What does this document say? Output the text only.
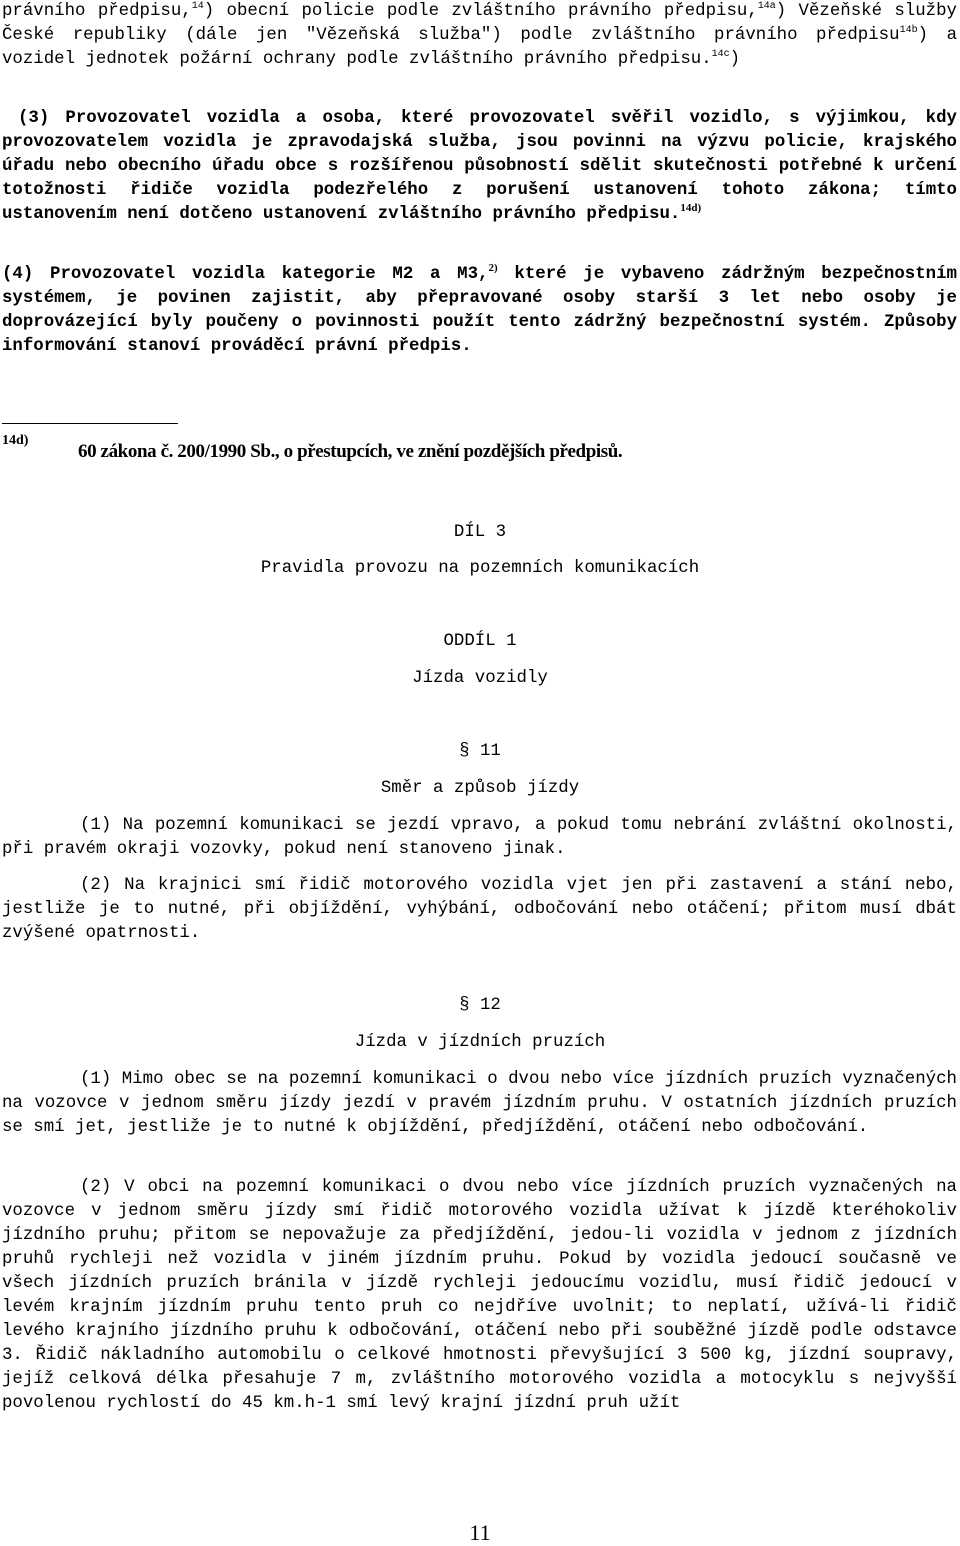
právního předpisu,$^{14}$) obecní policie podle zvláštního právního předpisu,$^{14a}$) Vězeňské služby České republiky (dále jen "Vězeňská služba") podle zvláštního právního předpisu$^{14b}$) a vozidel jednotek požární ochrany podle zvláštního právního předpisu.$^{14c}$)

(3) Provozovatel vozidla a osoba, které provozovatel svěřil vozidlo, s výjimkou, kdy provozovatelem vozidla je zpravodajská služba, jsou povinni na výzvu policie, krajského úřadu nebo obecního úřadu obce s rozšířenou působností sdělit skutečnosti potřebné k určení totožnosti řidiče vozidla podezřelého z porušení ustanovení tohoto zákona; tímto ustanovením není dotčeno ustanovení zvláštního právního předpisu.$^{14d)}$

(4) Provozovatel vozidla kategorie M2 a M3,$^{2)}$ které je vybaveno zádržným bezpečnostním systémem, je povinen zajistit, aby přepravované osoby starší 3 let nebo osoby je doprovázející byly poučeny o povinnosti použít tento zádržný bezpečnostní systém. Způsoby informování stanoví prováděcí právní předpis.

14d)
60 zákona č. 200/1990 Sb., o přestupcích, ve znění pozdějších předpisů.

DÍL 3

Pravidla provozu na pozemních komunikacích

ODDÍL 1

Jízda vozidly

§ 11

Směr a způsob jízdy

(1) Na pozemní komunikaci se jezdí vpravo, a pokud tomu nebrání zvláštní okolnosti, při pravém okraji vozovky, pokud není stanoveno jinak.

(2) Na krajnici smí řidič motorového vozidla vjet jen při zastavení a stání nebo, jestliže je to nutné, při objíždění, vyhýbání, odbočování nebo otáčení; přitom musí dbát zvýšené opatrnosti.

§ 12

Jízda v jízdních pruzích

(1) Mimo obec se na pozemní komunikaci o dvou nebo více jízdních pruzích vyznačených na vozovce v jednom směru jízdy jezdí v pravém jízdním pruhu. V ostatních jízdních pruzích se smí jet, jestliže je to nutné k objíždění, předjíždění, otáčení nebo odbočování.

(2) V obci na pozemní komunikaci o dvou nebo více jízdních pruzích vyznačených na vozovce v jednom směru jízdy smí řidič motorového vozidla užívat k jízdě kteréhokoliv jízdního pruhu; přitom se nepovažuje za předjíždění, jedou-li vozidla v jednom z jízdních pruhů rychleji než vozidla v jiném jízdním pruhu. Pokud by vozidla jedoucí současně ve všech jízdních pruzích bránila v jízdě rychleji jedoucímu vozidlu, musí řidič jedoucí v levém krajním jízdním pruhu tento pruh co nejdříve uvolnit; to neplatí, užívá-li řidič levého krajního jízdního pruhu k odbočování, otáčení nebo při souběžné jízdě podle odstavce 3. Řidič nákladního automobilu o celkové hmotnosti převyšující 3 500 kg, jízdní soupravy, jejíž celková délka přesahuje 7 m, zvláštního motorového vozidla a motocyklu s nejvyšší povolenou rychlostí do 45 km.h-1 smí levý krajní jízdní pruh užít

11
